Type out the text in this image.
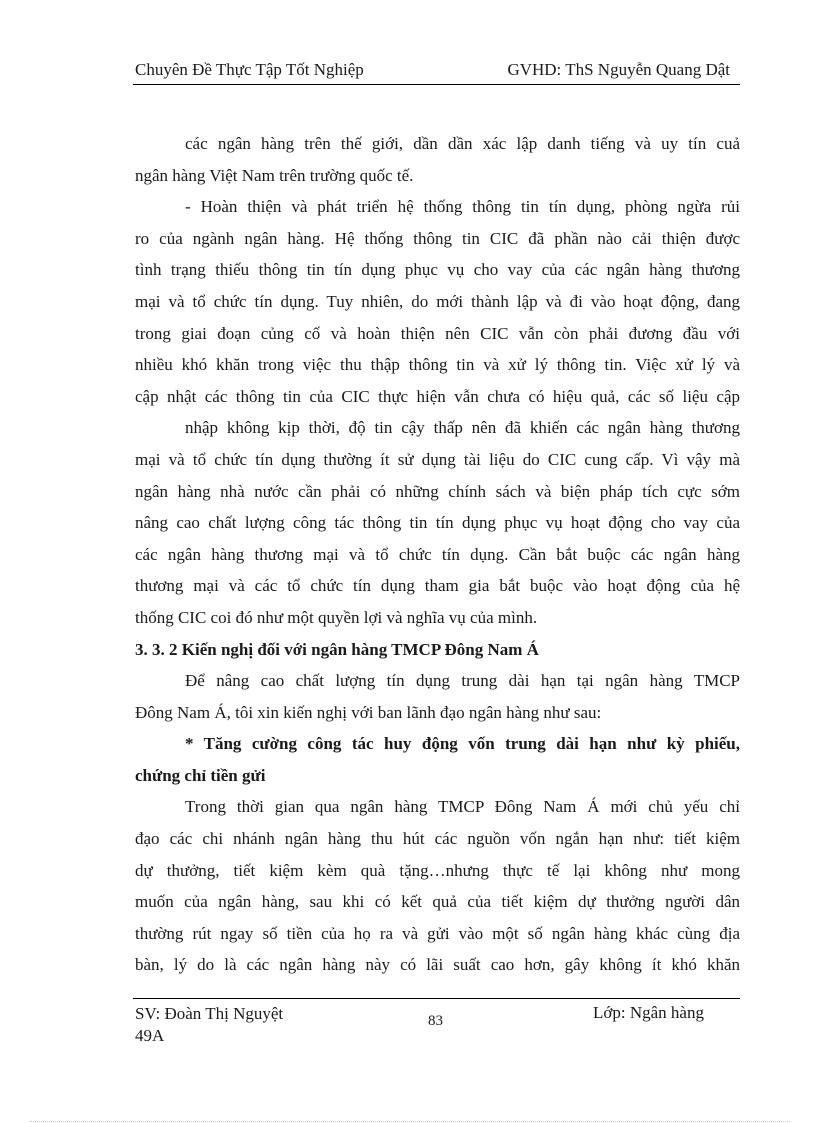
Chuyên Đề Thực Tập Tốt Nghiệp	GVHD: ThS Nguyễn Quang Dật
các ngân hàng trên thế giới, dần dần xác lập danh tiếng và uy tín cuả
ngân hàng Việt Nam trên trường quốc tế.
- Hoàn thiện và phát triển hệ thống thông tin tín dụng, phòng ngừa rủi
ro của ngành ngân hàng. Hệ thống thông tin CIC đã phần nào cải thiện được
tình trạng thiếu thông tin tín dụng phục vụ cho vay của các ngân hàng thương
mại và tổ chức tín dụng. Tuy nhiên, do mới thành lập và đi vào hoạt động, đang
trong giai đoạn củng cố và hoàn thiện nên CIC vẫn còn phải đương đầu với
nhiều khó khăn trong việc thu thập thông tin và xử lý thông tin. Việc xử lý và
cập nhật các thông tin của CIC thực hiện vẫn chưa có hiệu quả, các số liệu cập
nhập không kịp thời, độ tin cậy thấp nên đã khiến các ngân hàng thương
mại và tổ chức tín dụng thường ít sử dụng tài liệu do CIC cung cấp. Vì vậy mà
ngân hàng nhà nước cần phải có những chính sách và biện pháp tích cực sớm
nâng cao chất lượng công tác thông tin tín dụng phục vụ hoạt động cho vay của
các ngân hàng thương mại và tổ chức tín dụng. Cần bắt buộc các ngân hàng
thương mại và các tổ chức tín dụng tham gia bắt buộc vào hoạt động của hệ
thống CIC coi đó như một quyền lợi và nghĩa vụ của mình.
3. 3. 2 Kiến nghị đối với ngân hàng TMCP Đông Nam Á
Để nâng cao chất lượng tín dụng trung dài hạn tại ngân hàng TMCP
Đông Nam Á, tôi xin kiến nghị với ban lãnh đạo ngân hàng như sau:
* Tăng cường công tác huy động vốn trung dài hạn như kỳ phiếu,
chứng chỉ tiền gửi
Trong thời gian qua ngân hàng TMCP Đông Nam Á mới chủ yếu chỉ
đạo các chi nhánh ngân hàng thu hút các nguồn vốn ngắn hạn như: tiết kiệm
dự thưởng, tiết kiệm kèm quà tặng…nhưng thực tế lại không như mong
muốn của ngân hàng, sau khi có kết quả của tiết kiệm dự thưởng người dân
thường rút ngay số tiền của họ ra và gửi vào một số ngân hàng khác cùng địa
bàn, lý do là các ngân hàng này có lãi suất cao hơn, gây không ít khó khăn
SV: Đoàn Thị Nguyệt
49A
83	Lớp: Ngân hàng
